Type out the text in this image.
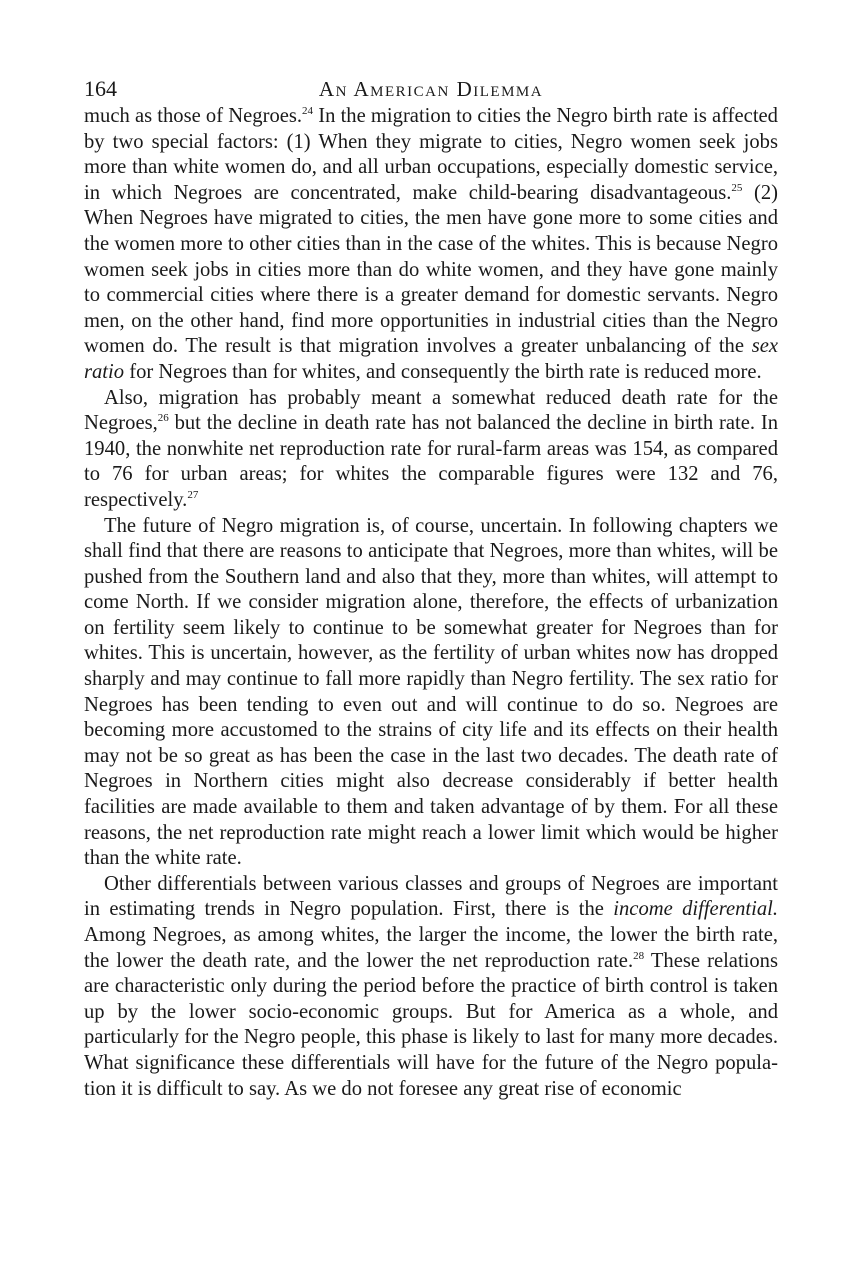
164	An American Dilemma

much as those of Negroes.$^{24}$ In the migration to cities the Negro birth rate is affected by two special factors: (1) When they migrate to cities, Negro women seek jobs more than white women do, and all urban occupations, especially domestic service, in which Negroes are concentrated, make child-bearing disadvantageous.$^{25}$ (2) When Negroes have migrated to cities, the men have gone more to some cities and the women more to other cities than in the case of the whites. This is because Negro women seek jobs in cities more than do white women, and they have gone mainly to commercial cities where there is a greater demand for domestic servants. Negro men, on the other hand, find more opportunities in industrial cities than the Negro women do. The result is that migration involves a greater unbalancing of the sex ratio for Negroes than for whites, and consequently the birth rate is reduced more.

Also, migration has probably meant a somewhat reduced death rate for the Negroes,$^{26}$ but the decline in death rate has not balanced the decline in birth rate. In 1940, the nonwhite net reproduction rate for rural-farm areas was 154, as compared to 76 for urban areas; for whites the comparable figures were 132 and 76, respectively.$^{27}$

The future of Negro migration is, of course, uncertain. In following chapters we shall find that there are reasons to anticipate that Negroes, more than whites, will be pushed from the Southern land and also that they, more than whites, will attempt to come North. If we consider migration alone, therefore, the effects of urbanization on fertility seem likely to continue to be somewhat greater for Negroes than for whites. This is uncertain, however, as the fertility of urban whites now has dropped sharply and may continue to fall more rapidly than Negro fertility. The sex ratio for Negroes has been tending to even out and will continue to do so. Negroes are becoming more accustomed to the strains of city life and its effects on their health may not be so great as has been the case in the last two decades. The death rate of Negroes in Northern cities might also decrease considerably if better health facilities are made available to them and taken advantage of by them. For all these reasons, the net reproduction rate might reach a lower limit which would be higher than the white rate.

Other differentials between various classes and groups of Negroes are important in estimating trends in Negro population. First, there is the income differential. Among Negroes, as among whites, the larger the income, the lower the birth rate, the lower the death rate, and the lower the net reproduction rate.$^{28}$ These relations are characteristic only during the period before the practice of birth control is taken up by the lower socio-economic groups. But for America as a whole, and particularly for the Negro people, this phase is likely to last for many more decades. What significance these differentials will have for the future of the Negro population it is difficult to say. As we do not foresee any great rise of economic
